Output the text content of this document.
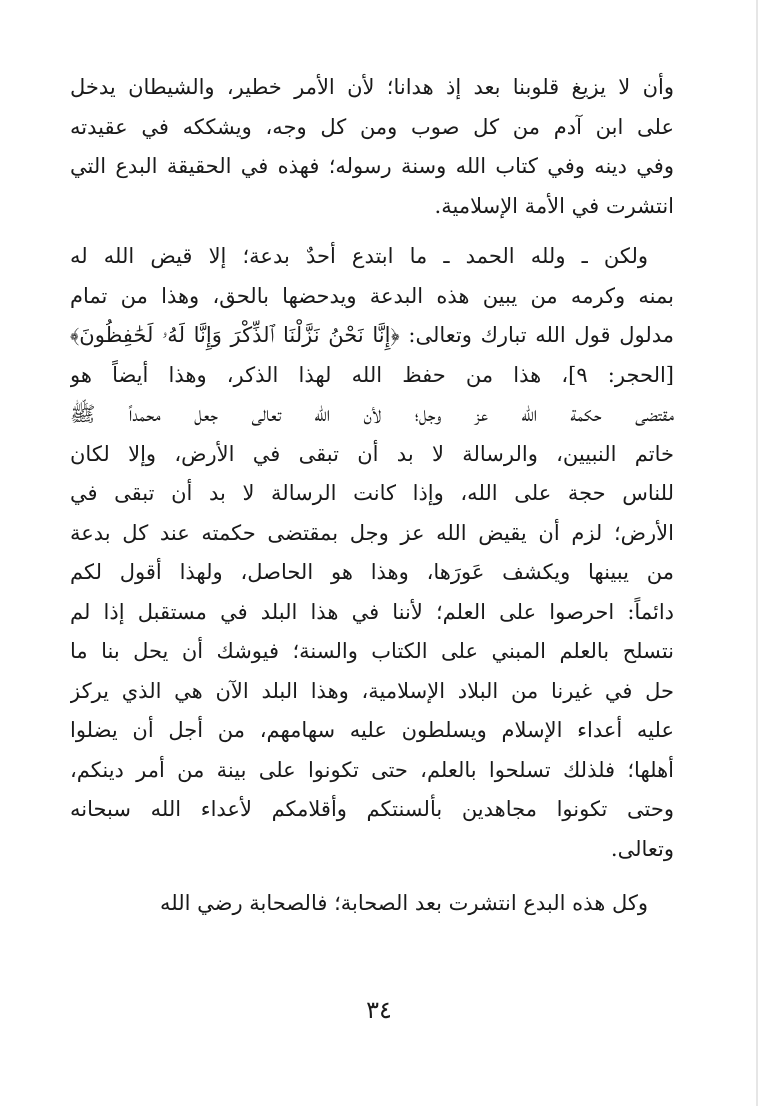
وأن لا يزيغ قلوبنا بعد إذ هدانا؛ لأن الأمر خطير، والشيطان يدخل
على ابن آدم من كل صوب ومن كل وجه، ويشككه في عقيدته
وفي دينه وفي كتاب الله وسنة رسوله؛ فهذه في الحقيقة البدع التي
انتشرت في الأمة الإسلامية.
ولكن ـ ولله الحمد ـ ما ابتدع أحدٌ بدعة؛ إلا قيض الله له
بمنه وكرمه من يبين هذه البدعة ويدحضها بالحق، وهذا من تمام
مدلول قول الله تبارك وتعالى: ﴿إِنَّا نَحْنُ نَزَّلْنَا ٱلذِّكْرَ وَإِنَّا لَهُۥ لَحَٰفِظُونَ﴾
[الحجر: ٩]، هذا من حفظ الله لهذا الذكر، وهذا أيضاً هو
مقتضى حكمة الله عز وجل؛ لأن الله تعالى جعل محمداً ﷺ
خاتم النبيين، والرسالة لا بد أن تبقى في الأرض، وإلا لكان
للناس حجة على الله، وإذا كانت الرسالة لا بد أن تبقى في
الأرض؛ لزم أن يقيض الله عز وجل بمقتضى حكمته عند كل بدعة
من يبينها ويكشف عَورَها، وهذا هو الحاصل، ولهذا أقول لكم
دائماً: احرصوا على العلم؛ لأننا في هذا البلد في مستقبل إذا لم
نتسلح بالعلم المبني على الكتاب والسنة؛ فيوشك أن يحل بنا ما
حل في غيرنا من البلاد الإسلامية، وهذا البلد الآن هي الذي يركز
عليه أعداء الإسلام ويسلطون عليه سهامهم، من أجل أن يضلوا
أهلها؛ فلذلك تسلحوا بالعلم، حتى تكونوا على بينة من أمر دينكم،
وحتى تكونوا مجاهدين بألسنتكم وأقلامكم لأعداء الله سبحانه
وتعالى.
وكل هذه البدع انتشرت بعد الصحابة؛ فالصحابة رضي الله
٣٤
